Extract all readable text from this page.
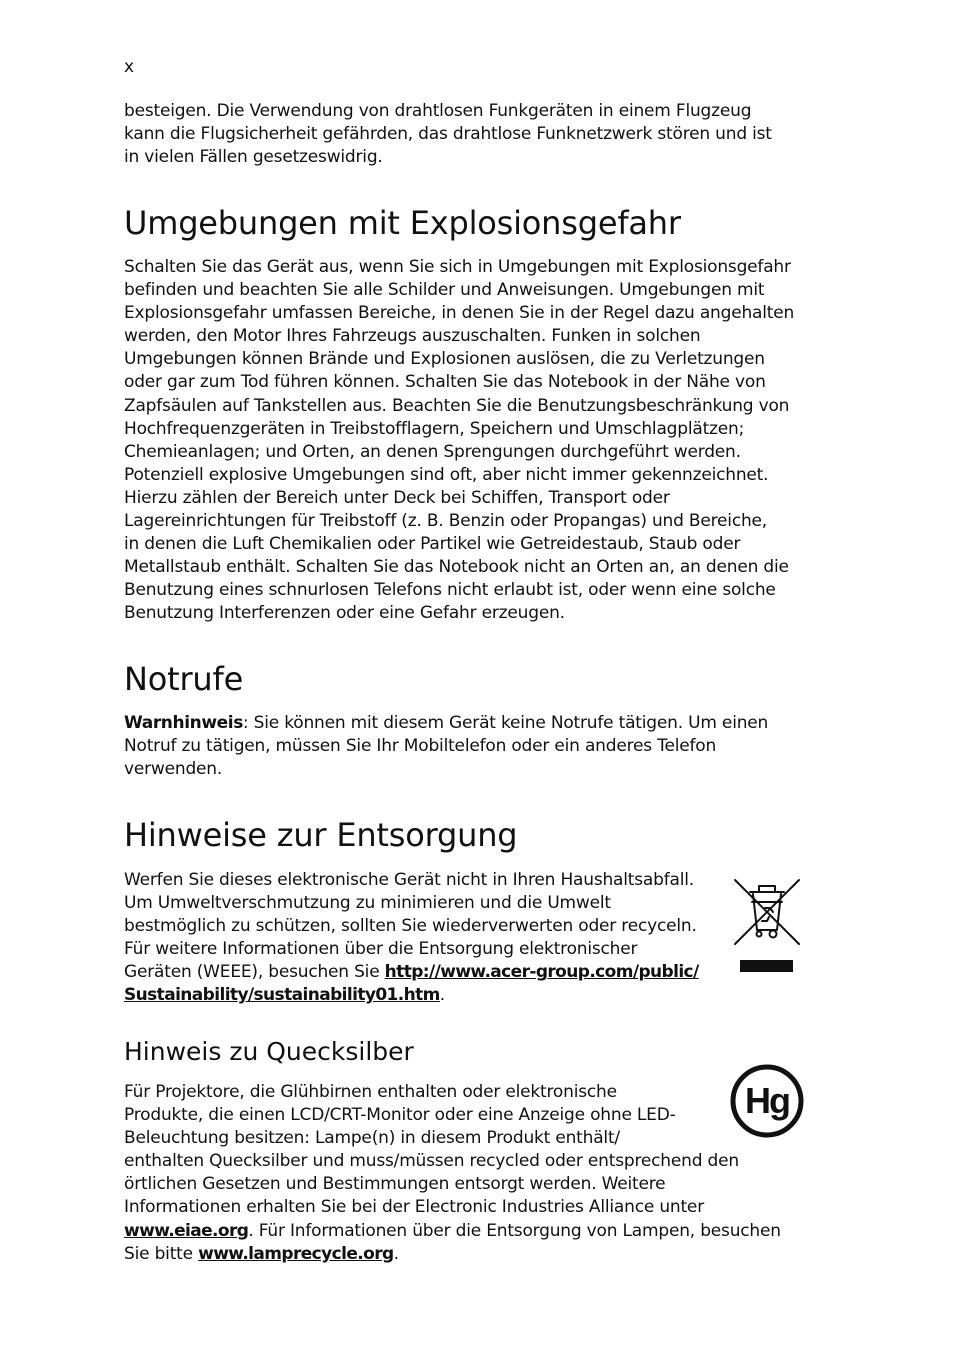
x

besteigen. Die Verwendung von drahtlosen Funkgeräten in einem Flugzeug
kann die Flugsicherheit gefährden, das drahtlose Funknetzwerk stören und ist
in vielen Fällen gesetzeswidrig.

Umgebungen mit Explosionsgefahr

Schalten Sie das Gerät aus, wenn Sie sich in Umgebungen mit Explosionsgefahr
befinden und beachten Sie alle Schilder und Anweisungen. Umgebungen mit
Explosionsgefahr umfassen Bereiche, in denen Sie in der Regel dazu angehalten
werden, den Motor Ihres Fahrzeugs auszuschalten. Funken in solchen
Umgebungen können Brände und Explosionen auslösen, die zu Verletzungen
oder gar zum Tod führen können. Schalten Sie das Notebook in der Nähe von
Zapfsäulen auf Tankstellen aus. Beachten Sie die Benutzungsbeschränkung von
Hochfrequenzgeräten in Treibstofflagern, Speichern und Umschlagplätzen;
Chemieanlagen; und Orten, an denen Sprengungen durchgeführt werden.
Potenziell explosive Umgebungen sind oft, aber nicht immer gekennzeichnet.
Hierzu zählen der Bereich unter Deck bei Schiffen, Transport oder
Lagereinrichtungen für Treibstoff (z. B. Benzin oder Propangas) und Bereiche,
in denen die Luft Chemikalien oder Partikel wie Getreidestaub, Staub oder
Metallstaub enthält. Schalten Sie das Notebook nicht an Orten an, an denen die
Benutzung eines schnurlosen Telefons nicht erlaubt ist, oder wenn eine solche
Benutzung Interferenzen oder eine Gefahr erzeugen.

Notrufe

Warnhinweis: Sie können mit diesem Gerät keine Notrufe tätigen. Um einen
Notruf zu tätigen, müssen Sie Ihr Mobiltelefon oder ein anderes Telefon
verwenden.

Hinweise zur Entsorgung

Werfen Sie dieses elektronische Gerät nicht in Ihren Haushaltsabfall.
Um Umweltverschmutzung zu minimieren und die Umwelt
bestmöglich zu schützen, sollten Sie wiederverwerten oder recyceln.
Für weitere Informationen über die Entsorgung elektronischer
Geräten (WEEE), besuchen Sie http://www.acer-group.com/public/
Sustainability/sustainability01.htm.

Hinweis zu Quecksilber

Für Projektore, die Glühbirnen enthalten oder elektronische
Produkte, die einen LCD/CRT-Monitor oder eine Anzeige ohne LED-
Beleuchtung besitzen: Lampe(n) in diesem Produkt enthält/
enthalten Quecksilber und muss/müssen recycled oder entsprechend den
örtlichen Gesetzen und Bestimmungen entsorgt werden. Weitere
Informationen erhalten Sie bei der Electronic Industries Alliance unter
www.eiae.org. Für Informationen über die Entsorgung von Lampen, besuchen
Sie bitte www.lamprecycle.org.

Hg
